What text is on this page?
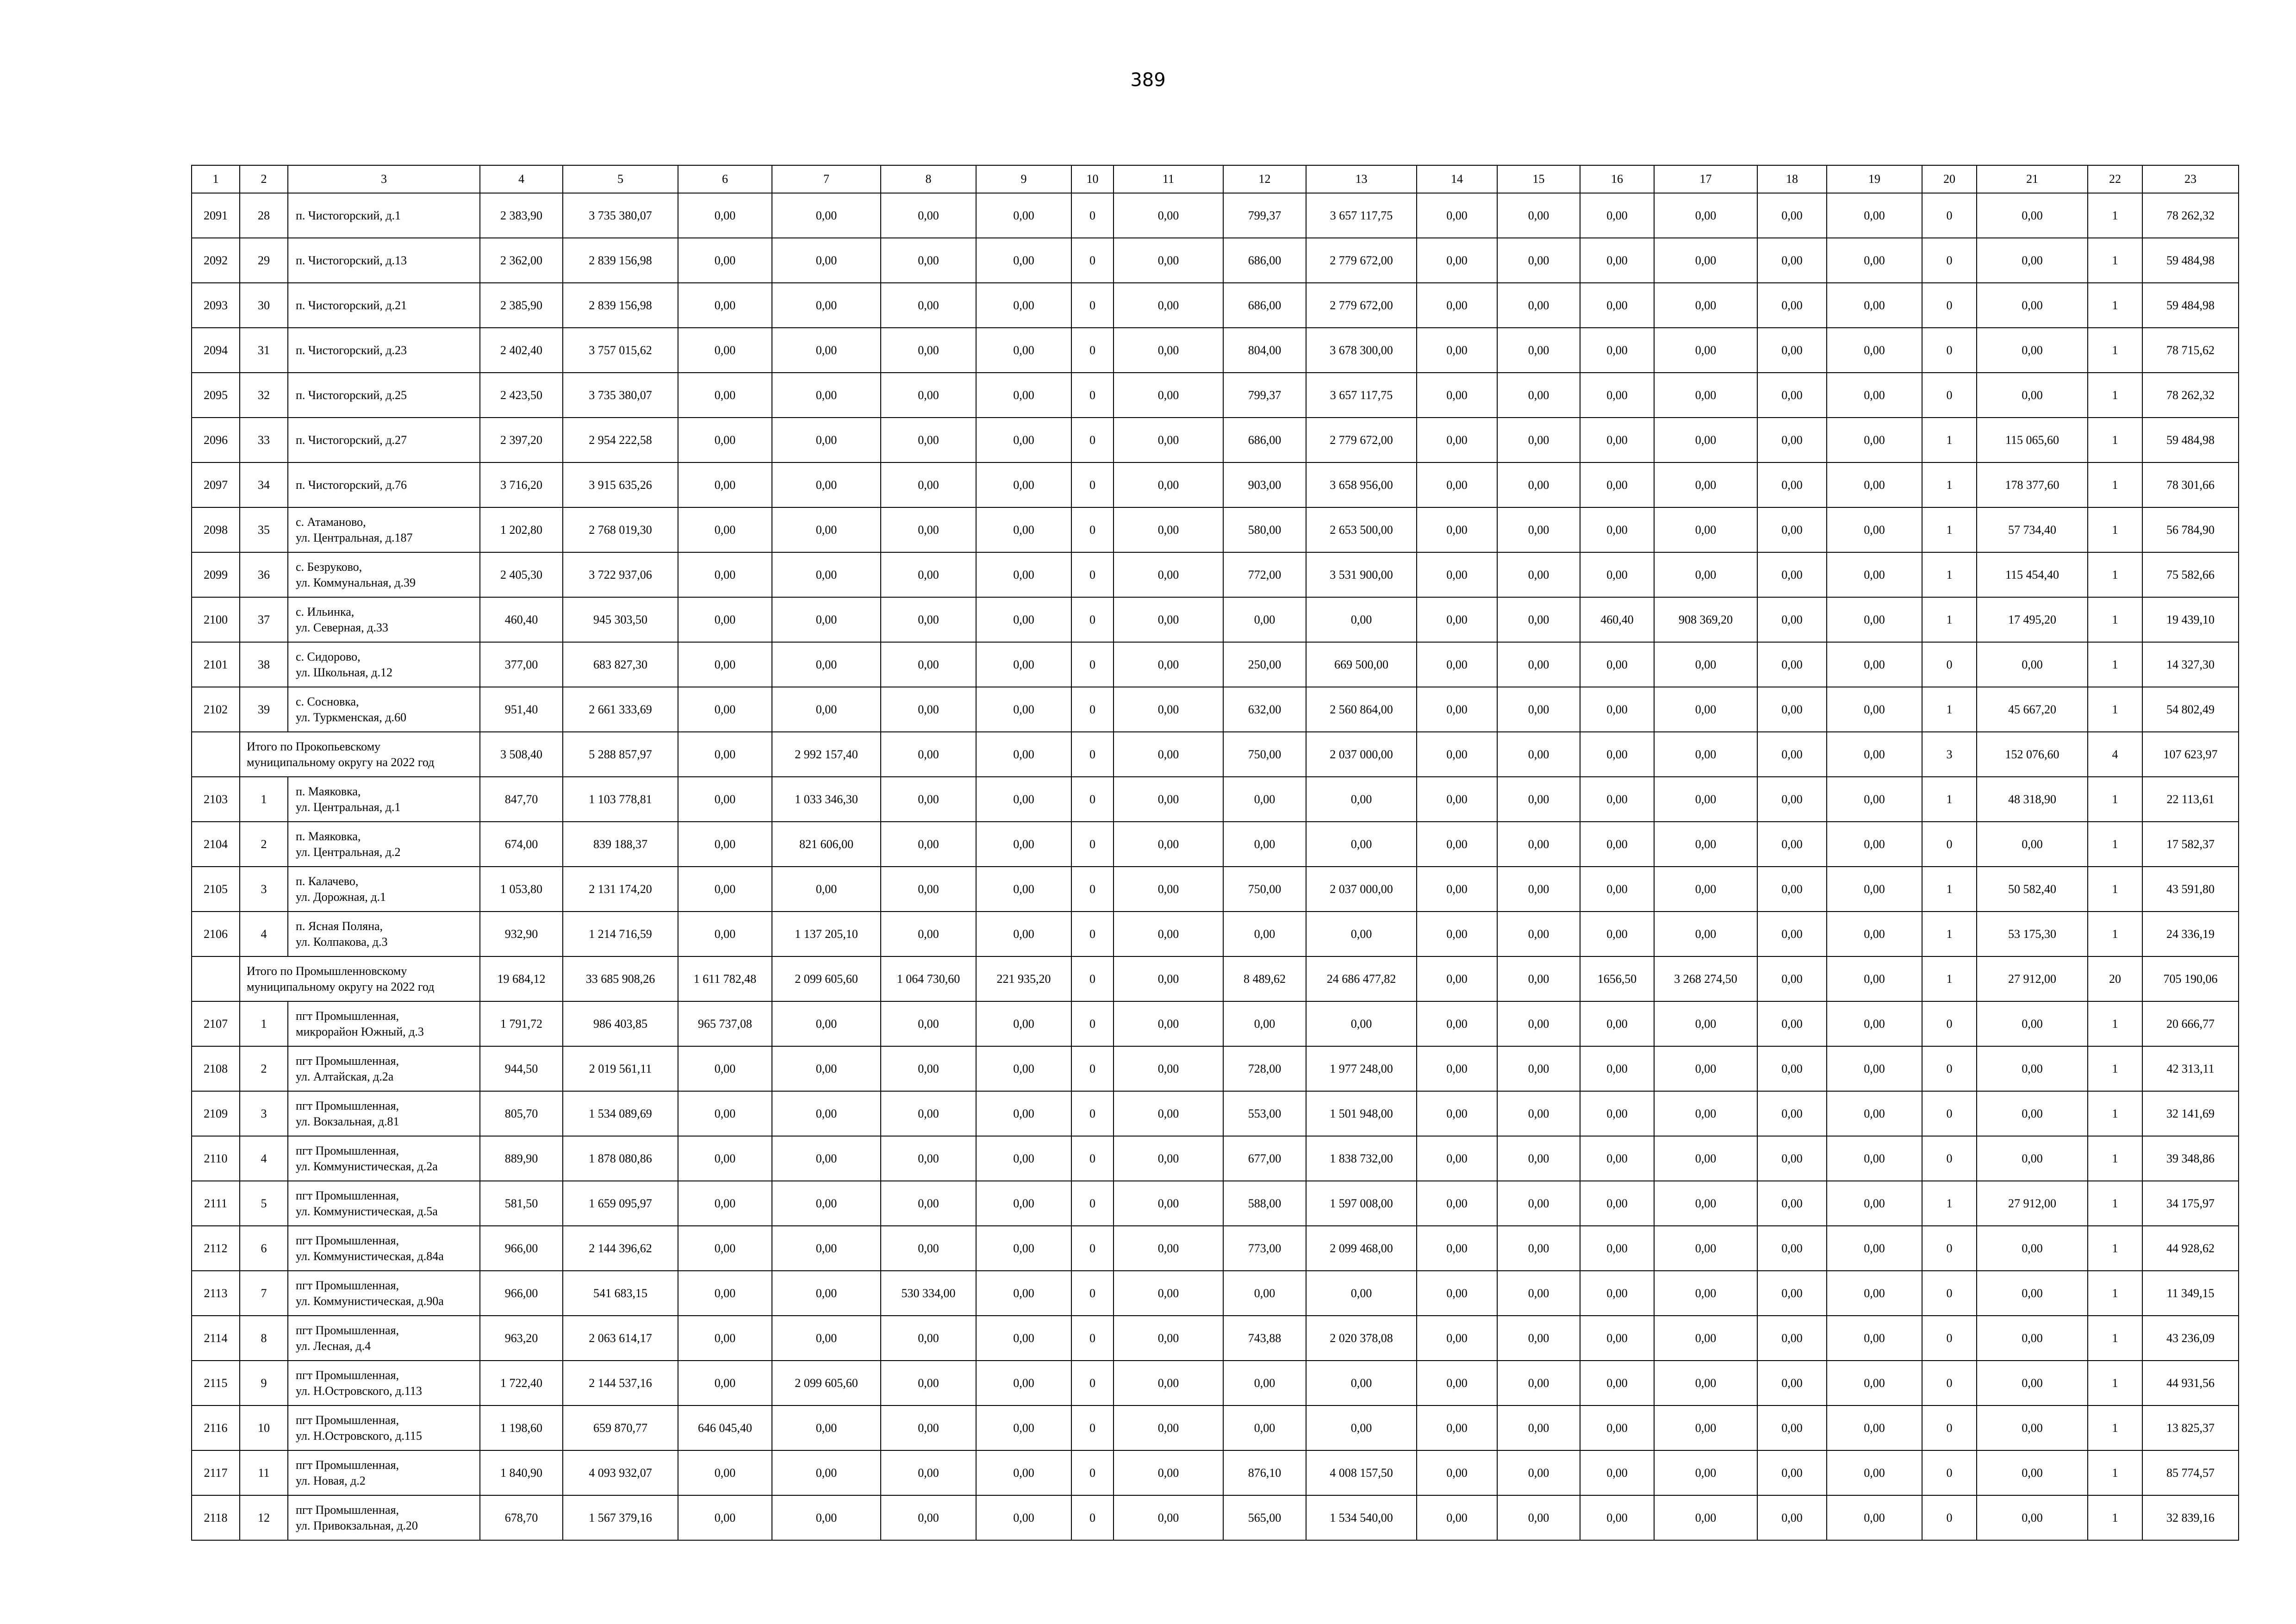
389
1	2	3	4	5	6	7	8	9	10	11	12	13	14	15	16	17	18	19	20	21	22	23
2091	28	п. Чистогорский, д.1	2 383,90	3 735 380,07	0,00	0,00	0,00	0,00	0	0,00	799,37	3 657 117,75	0,00	0,00	0,00	0,00	0,00	0,00	0	0,00	1	78 262,32
2092	29	п. Чистогорский, д.13	2 362,00	2 839 156,98	0,00	0,00	0,00	0,00	0	0,00	686,00	2 779 672,00	0,00	0,00	0,00	0,00	0,00	0,00	0	0,00	1	59 484,98
2093	30	п. Чистогорский, д.21	2 385,90	2 839 156,98	0,00	0,00	0,00	0,00	0	0,00	686,00	2 779 672,00	0,00	0,00	0,00	0,00	0,00	0,00	0	0,00	1	59 484,98
2094	31	п. Чистогорский, д.23	2 402,40	3 757 015,62	0,00	0,00	0,00	0,00	0	0,00	804,00	3 678 300,00	0,00	0,00	0,00	0,00	0,00	0,00	0	0,00	1	78 715,62
2095	32	п. Чистогорский, д.25	2 423,50	3 735 380,07	0,00	0,00	0,00	0,00	0	0,00	799,37	3 657 117,75	0,00	0,00	0,00	0,00	0,00	0,00	0	0,00	1	78 262,32
2096	33	п. Чистогорский, д.27	2 397,20	2 954 222,58	0,00	0,00	0,00	0,00	0	0,00	686,00	2 779 672,00	0,00	0,00	0,00	0,00	0,00	0,00	1	115 065,60	1	59 484,98
2097	34	п. Чистогорский, д.76	3 716,20	3 915 635,26	0,00	0,00	0,00	0,00	0	0,00	903,00	3 658 956,00	0,00	0,00	0,00	0,00	0,00	0,00	1	178 377,60	1	78 301,66
2098	35	с. Атаманово,
ул. Центральная, д.187	1 202,80	2 768 019,30	0,00	0,00	0,00	0,00	0	0,00	580,00	2 653 500,00	0,00	0,00	0,00	0,00	0,00	0,00	1	57 734,40	1	56 784,90
2099	36	с. Безруково,
ул. Коммунальная, д.39	2 405,30	3 722 937,06	0,00	0,00	0,00	0,00	0	0,00	772,00	3 531 900,00	0,00	0,00	0,00	0,00	0,00	0,00	1	115 454,40	1	75 582,66
2100	37	с. Ильинка,
ул. Северная, д.33	460,40	945 303,50	0,00	0,00	0,00	0,00	0	0,00	0,00	0,00	0,00	0,00	460,40	908 369,20	0,00	0,00	1	17 495,20	1	19 439,10
2101	38	с. Сидорово,
ул. Школьная, д.12	377,00	683 827,30	0,00	0,00	0,00	0,00	0	0,00	250,00	669 500,00	0,00	0,00	0,00	0,00	0,00	0,00	0	0,00	1	14 327,30
2102	39	с. Сосновка,
ул. Туркменская, д.60	951,40	2 661 333,69	0,00	0,00	0,00	0,00	0	0,00	632,00	2 560 864,00	0,00	0,00	0,00	0,00	0,00	0,00	1	45 667,20	1	54 802,49

	Итого по Прокопьевскому
муниципальному округу на 2022 год		3 508,40	5 288 857,97	0,00	2 992 157,40	0,00	0,00	0	0,00	750,00	2 037 000,00	0,00	0,00	0,00	0,00	0,00	0,00	3	152 076,60	4	107 623,97
2103	1	п. Маяковка,
ул. Центральная, д.1	847,70	1 103 778,81	0,00	1 033 346,30	0,00	0,00	0	0,00	0,00	0,00	0,00	0,00	0,00	0,00	0,00	0,00	1	48 318,90	1	22 113,61
2104	2	п. Маяковка,
ул. Центральная, д.2	674,00	839 188,37	0,00	821 606,00	0,00	0,00	0	0,00	0,00	0,00	0,00	0,00	0,00	0,00	0,00	0,00	0	0,00	1	17 582,37
2105	3	п. Калачево,
ул. Дорожная, д.1	1 053,80	2 131 174,20	0,00	0,00	0,00	0,00	0	0,00	750,00	2 037 000,00	0,00	0,00	0,00	0,00	0,00	0,00	1	50 582,40	1	43 591,80
2106	4	п. Ясная Поляна,
ул. Колпакова, д.3	932,90	1 214 716,59	0,00	1 137 205,10	0,00	0,00	0	0,00	0,00	0,00	0,00	0,00	0,00	0,00	0,00	0,00	1	53 175,30	1	24 336,19

	Итого по Промышленновскому
муниципальному округу на 2022 год		19 684,12	33 685 908,26	1 611 782,48	2 099 605,60	1 064 730,60	221 935,20	0	0,00	8 489,62	24 686 477,82	0,00	0,00	1656,50	3 268 274,50	0,00	0,00	1	27 912,00	20	705 190,06
2107	1	пгт Промышленная,
микрорайон Южный, д.3	1 791,72	986 403,85	965 737,08	0,00	0,00	0,00	0	0,00	0,00	0,00	0,00	0,00	0,00	0,00	0,00	0,00	0	0,00	1	20 666,77
2108	2	пгт Промышленная,
ул. Алтайская, д.2а	944,50	2 019 561,11	0,00	0,00	0,00	0,00	0	0,00	728,00	1 977 248,00	0,00	0,00	0,00	0,00	0,00	0,00	0	0,00	1	42 313,11
2109	3	пгт Промышленная,
ул. Вокзальная, д.81	805,70	1 534 089,69	0,00	0,00	0,00	0,00	0	0,00	553,00	1 501 948,00	0,00	0,00	0,00	0,00	0,00	0,00	0	0,00	1	32 141,69
2110	4	пгт Промышленная,
ул. Коммунистическая, д.2а	889,90	1 878 080,86	0,00	0,00	0,00	0,00	0	0,00	677,00	1 838 732,00	0,00	0,00	0,00	0,00	0,00	0,00	0	0,00	1	39 348,86
2111	5	пгт Промышленная,
ул. Коммунистическая, д.5а	581,50	1 659 095,97	0,00	0,00	0,00	0,00	0	0,00	588,00	1 597 008,00	0,00	0,00	0,00	0,00	0,00	0,00	1	27 912,00	1	34 175,97
2112	6	пгт Промышленная,
ул. Коммунистическая, д.84а	966,00	2 144 396,62	0,00	0,00	0,00	0,00	0	0,00	773,00	2 099 468,00	0,00	0,00	0,00	0,00	0,00	0,00	0	0,00	1	44 928,62
2113	7	пгт Промышленная,
ул. Коммунистическая, д.90а	966,00	541 683,15	0,00	0,00	530 334,00	0,00	0	0,00	0,00	0,00	0,00	0,00	0,00	0,00	0,00	0,00	0	0,00	1	11 349,15
2114	8	пгт Промышленная,
ул. Лесная, д.4	963,20	2 063 614,17	0,00	0,00	0,00	0,00	0	0,00	743,88	2 020 378,08	0,00	0,00	0,00	0,00	0,00	0,00	0	0,00	1	43 236,09
2115	9	пгт Промышленная,
ул. Н.Островского, д.113	1 722,40	2 144 537,16	0,00	2 099 605,60	0,00	0,00	0	0,00	0,00	0,00	0,00	0,00	0,00	0,00	0,00	0,00	0	0,00	1	44 931,56
2116	10	пгт Промышленная,
ул. Н.Островского, д.115	1 198,60	659 870,77	646 045,40	0,00	0,00	0,00	0	0,00	0,00	0,00	0,00	0,00	0,00	0,00	0,00	0,00	0	0,00	1	13 825,37
2117	11	пгт Промышленная,
ул. Новая, д.2	1 840,90	4 093 932,07	0,00	0,00	0,00	0,00	0	0,00	876,10	4 008 157,50	0,00	0,00	0,00	0,00	0,00	0,00	0	0,00	1	85 774,57
2118	12	пгт Промышленная,
ул. Привокзальная, д.20	678,70	1 567 379,16	0,00	0,00	0,00	0,00	0	0,00	565,00	1 534 540,00	0,00	0,00	0,00	0,00	0,00	0,00	0	0,00	1	32 839,16
